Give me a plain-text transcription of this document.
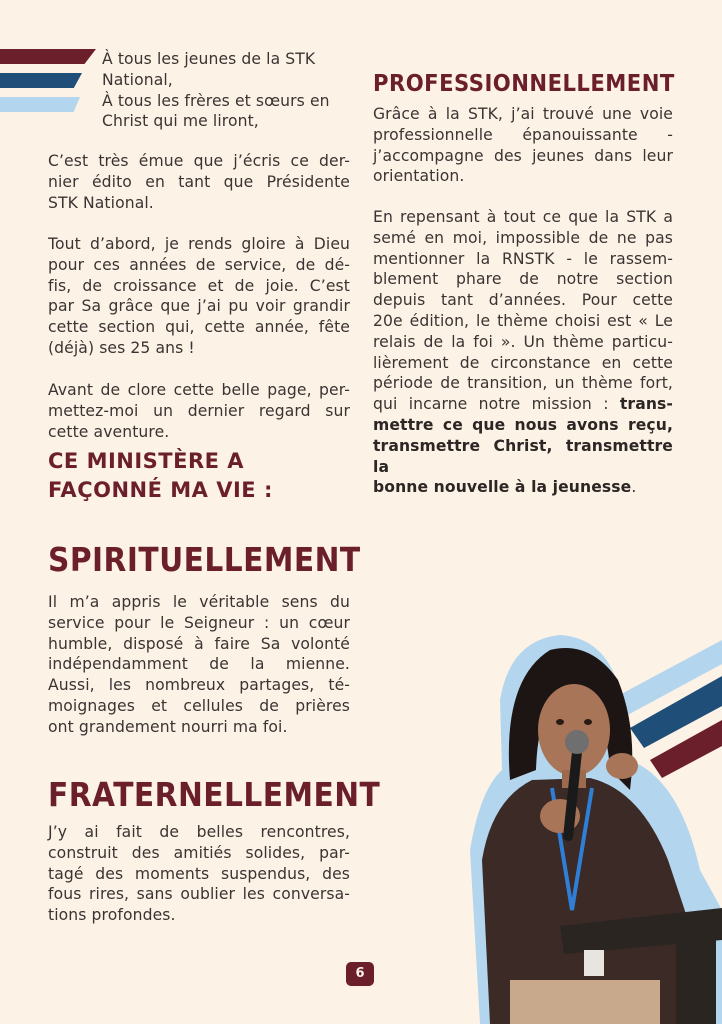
À tous les jeunes de la STK
National,
À tous les frères et sœurs en
Christ qui me liront,
C’est très émue que j’écris ce der-
nier édito en tant que Présidente
STK National.
Tout d’abord, je rends gloire à Dieu
pour ces années de service, de dé-
fis, de croissance et de joie. C’est
par Sa grâce que j’ai pu voir grandir
cette section qui, cette année, fête
(déjà) ses 25 ans !
Avant de clore cette belle page, per-
mettez-moi un dernier regard sur
cette aventure.
CE MINISTÈRE A
FAÇONNÉ MA VIE :
SPIRITUELLEMENT
Il m’a appris le véritable sens du
service pour le Seigneur : un cœur
humble, disposé à faire Sa volonté
indépendamment de la mienne.
Aussi, les nombreux partages, té-
moignages et cellules de prières
ont grandement nourri ma foi.
FRATERNELLEMENT
J’y ai fait de belles rencontres,
construit des amitiés solides, par-
tagé des moments suspendus, des
fous rires, sans oublier les conversa-
tions profondes.
PROFESSIONNELLEMENT
Grâce à la STK, j’ai trouvé une voie
professionnelle épanouissante -
j’accompagne des jeunes dans leur
orientation.
En repensant à tout ce que la STK a
semé en moi, impossible de ne pas
mentionner la RNSTK - le rassem-
blement phare de notre section
depuis tant d’années. Pour cette
20e édition, le thème choisi est « Le
relais de la foi ». Un thème particu-
lièrement de circonstance en cette
période de transition, un thème fort,
qui incarne notre mission : trans-
mettre ce que nous avons reçu,
transmettre Christ, transmettre la
bonne nouvelle à la jeunesse.
6
